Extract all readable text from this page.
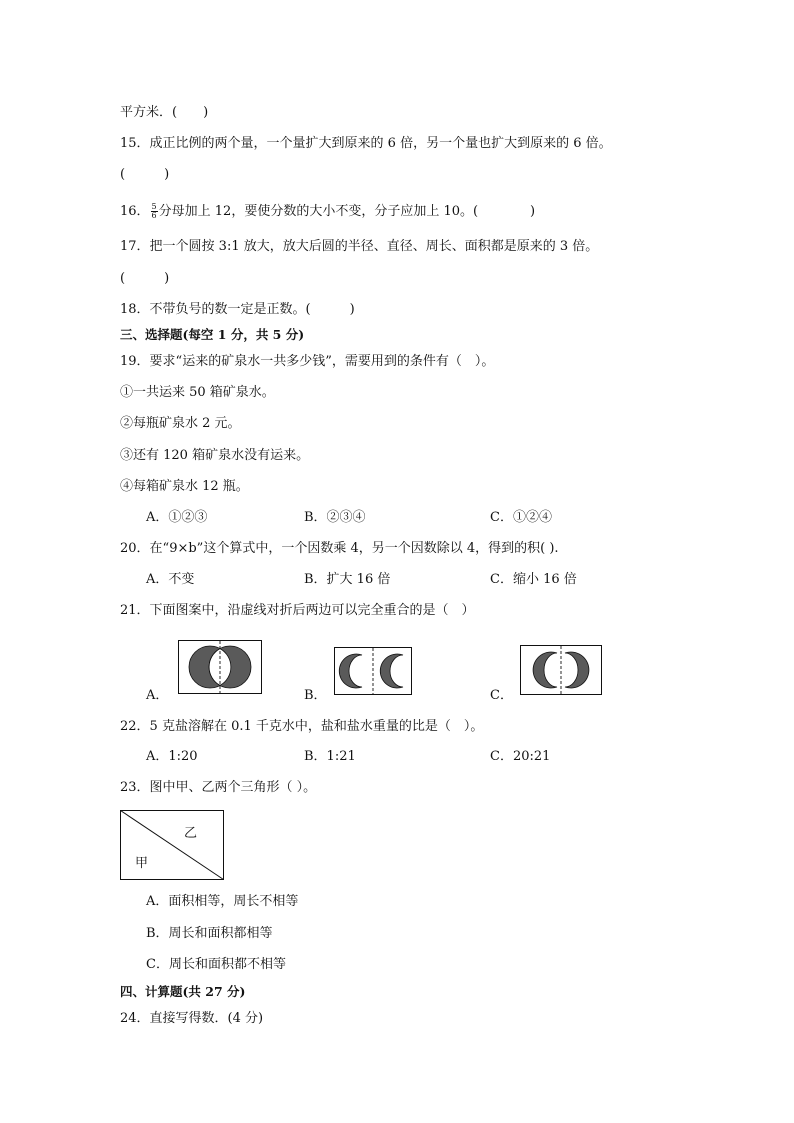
平方米．(　　)
15．成正比例的两个量，一个量扩大到原来的 6 倍，另一个量也扩大到原来的 6 倍。
(　　　)
16． $\frac{5}{6}$ 分母加上 12，要使分数的大小不变，分子应加上 10。(　　　　)
17．把一个圆按 3:1 放大，放大后圆的半径、直径、周长、面积都是原来的 3 倍。
(　　　)
18．不带负号的数一定是正数。(　　　)
三、选择题(每空 1 分，共 5 分)
19．要求“运来的矿泉水一共多少钱”，需要用到的条件有（　）。
①一共运来 50 箱矿泉水。
②每瓶矿泉水 2 元。
③还有 120 箱矿泉水没有运来。
④每箱矿泉水 12 瓶。
A．①②③	B．②③④	C．①②④
20．在“9×b”这个算式中，一个因数乘 4，另一个因数除以 4，得到的积( ).
A．不变	B．扩大 16 倍	C．缩小 16 倍
21．下面图案中，沿虚线对折后两边可以完全重合的是（　）
A．	B．	C．
22．5 克盐溶解在 0.1 千克水中，盐和盐水重量的比是（　）。
A．1:20	B．1:21	C．20:21
23．图中甲、乙两个三角形（ ）。
乙
甲
A．面积相等，周长不相等
B．周长和面积都相等
C．周长和面积都不相等
四、计算题(共 27 分)
24．直接写得数．(4 分)
